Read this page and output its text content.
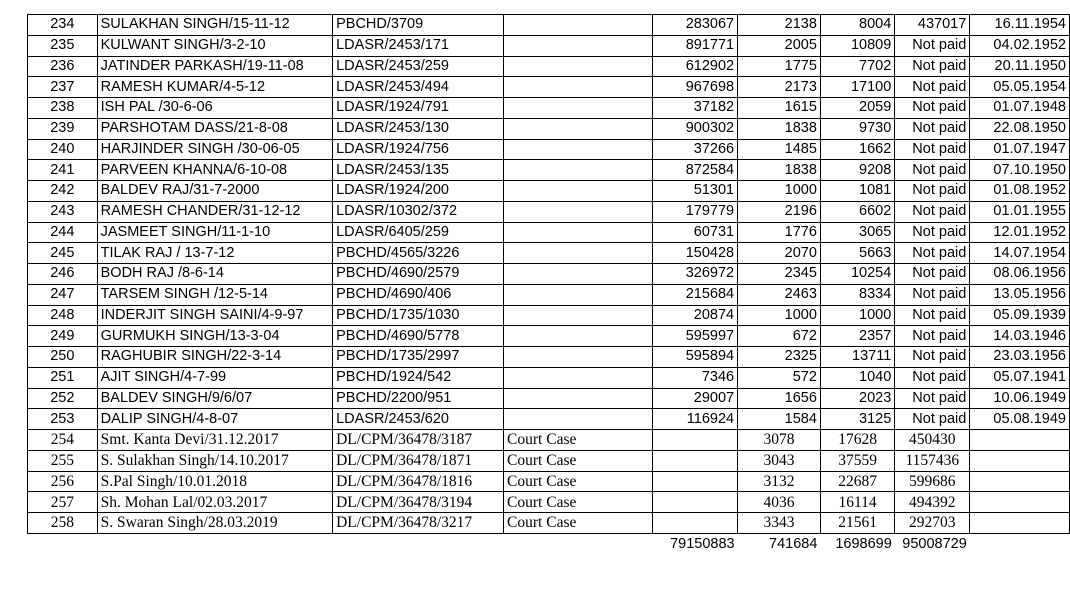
234	SULAKHAN SINGH/15-11-12	PBCHD/3709		283067	2138	8004	437017	16.11.1954
235	KULWANT SINGH/3-2-10	LDASR/2453/171		891771	2005	10809	Not paid	04.02.1952
236	JATINDER PARKASH/19-11-08	LDASR/2453/259		612902	1775	7702	Not paid	20.11.1950
237	RAMESH KUMAR/4-5-12	LDASR/2453/494		967698	2173	17100	Not paid	05.05.1954
238	ISH PAL /30-6-06	LDASR/1924/791		37182	1615	2059	Not paid	01.07.1948
239	PARSHOTAM DASS/21-8-08	LDASR/2453/130		900302	1838	9730	Not paid	22.08.1950
240	HARJINDER SINGH /30-06-05	LDASR/1924/756		37266	1485	1662	Not paid	01.07.1947
241	PARVEEN KHANNA/6-10-08	LDASR/2453/135		872584	1838	9208	Not paid	07.10.1950
242	BALDEV RAJ/31-7-2000	LDASR/1924/200		51301	1000	1081	Not paid	01.08.1952
243	RAMESH CHANDER/31-12-12	LDASR/10302/372		179779	2196	6602	Not paid	01.01.1955
244	JASMEET SINGH/11-1-10	LDASR/6405/259		60731	1776	3065	Not paid	12.01.1952
245	TILAK RAJ / 13-7-12	PBCHD/4565/3226		150428	2070	5663	Not paid	14.07.1954
246	BODH RAJ /8-6-14	PBCHD/4690/2579		326972	2345	10254	Not paid	08.06.1956
247	TARSEM SINGH /12-5-14	PBCHD/4690/406		215684	2463	8334	Not paid	13.05.1956
248	INDERJIT SINGH SAINI/4-9-97	PBCHD/1735/1030		20874	1000	1000	Not paid	05.09.1939
249	GURMUKH SINGH/13-3-04	PBCHD/4690/5778		595997	672	2357	Not paid	14.03.1946
250	RAGHUBIR SINGH/22-3-14	PBCHD/1735/2997		595894	2325	13711	Not paid	23.03.1956
251	AJIT SINGH/4-7-99	PBCHD/1924/542		7346	572	1040	Not paid	05.07.1941
252	BALDEV SINGH/9/6/07	PBCHD/2200/951		29007	1656	2023	Not paid	10.06.1949
253	DALIP SINGH/4-8-07	LDASR/2453/620		116924	1584	3125	Not paid	05.08.1949
254	Smt. Kanta Devi/31.12.2017	DL/CPM/36478/3187	Court Case		3078	17628	450430	
255	S. Sulakhan Singh/14.10.2017	DL/CPM/36478/1871	Court Case		3043	37559	1157436	
256	S.Pal Singh/10.01.2018	DL/CPM/36478/1816	Court Case		3132	22687	599686	
257	Sh. Mohan Lal/02.03.2017	DL/CPM/36478/3194	Court Case		4036	16114	494392	
258	S. Swaran Singh/28.03.2019	DL/CPM/36478/3217	Court Case		3343	21561	292703	
				79150883	741684	1698699	95008729	
